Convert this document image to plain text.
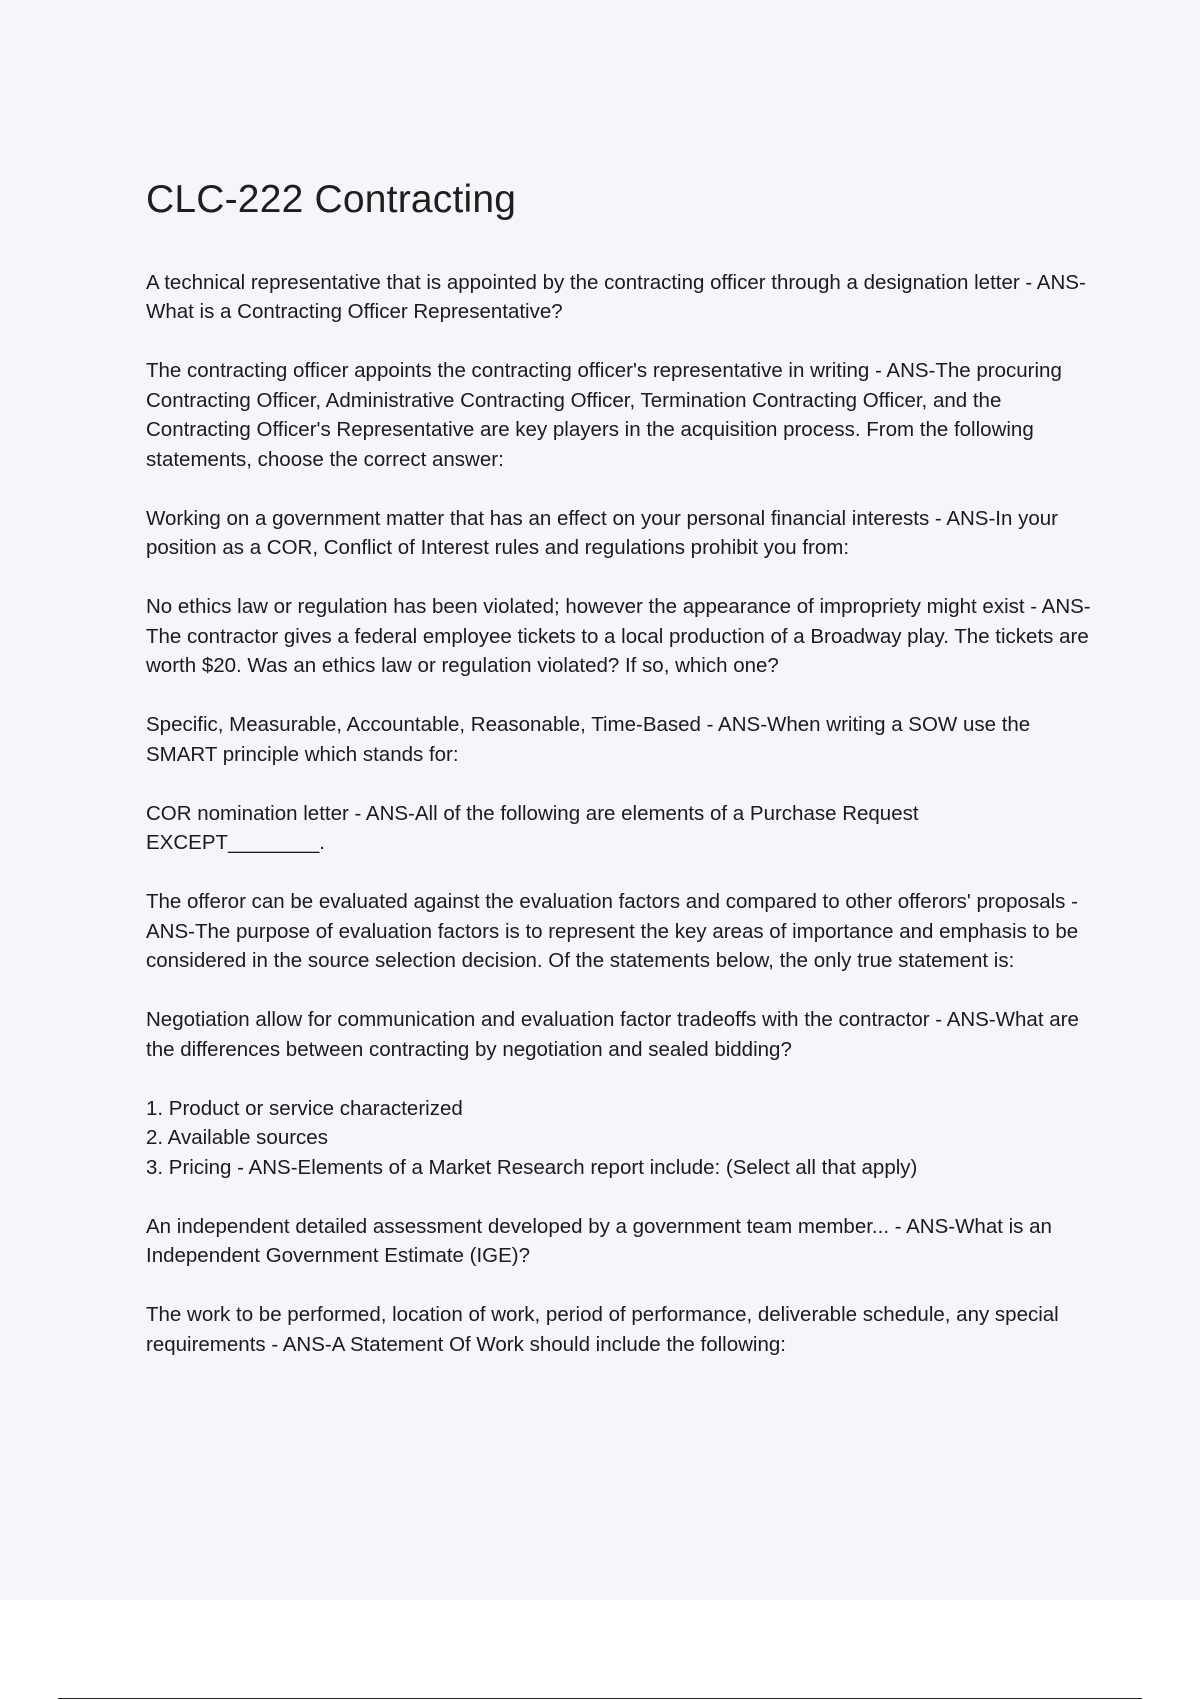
CLC-222 Contracting

A technical representative that is appointed by the contracting officer through a designation letter - ANS-What is a Contracting Officer Representative?

The contracting officer appoints the contracting officer's representative in writing - ANS-The procuring Contracting Officer, Administrative Contracting Officer, Termination Contracting Officer, and the Contracting Officer's Representative are key players in the acquisition process. From the following statements, choose the correct answer:

Working on a government matter that has an effect on your personal financial interests - ANS-In your position as a COR, Conflict of Interest rules and regulations prohibit you from:

No ethics law or regulation has been violated; however the appearance of impropriety might exist - ANS-The contractor gives a federal employee tickets to a local production of a Broadway play. The tickets are worth $20. Was an ethics law or regulation violated? If so, which one?

Specific, Measurable, Accountable, Reasonable, Time-Based - ANS-When writing a SOW use the SMART principle which stands for:

COR nomination letter - ANS-All of the following are elements of a Purchase Request EXCEPT________.

The offeror can be evaluated against the evaluation factors and compared to other offerors' proposals - ANS-The purpose of evaluation factors is to represent the key areas of importance and emphasis to be considered in the source selection decision. Of the statements below, the only true statement is:

Negotiation allow for communication and evaluation factor tradeoffs with the contractor - ANS-What are the differences between contracting by negotiation and sealed bidding?

1. Product or service characterized
2. Available sources
3. Pricing - ANS-Elements of a Market Research report include: (Select all that apply)

An independent detailed assessment developed by a government team member... - ANS-What is an Independent Government Estimate (IGE)?

The work to be performed, location of work, period of performance, deliverable schedule, any special requirements - ANS-A Statement Of Work should include the following:
